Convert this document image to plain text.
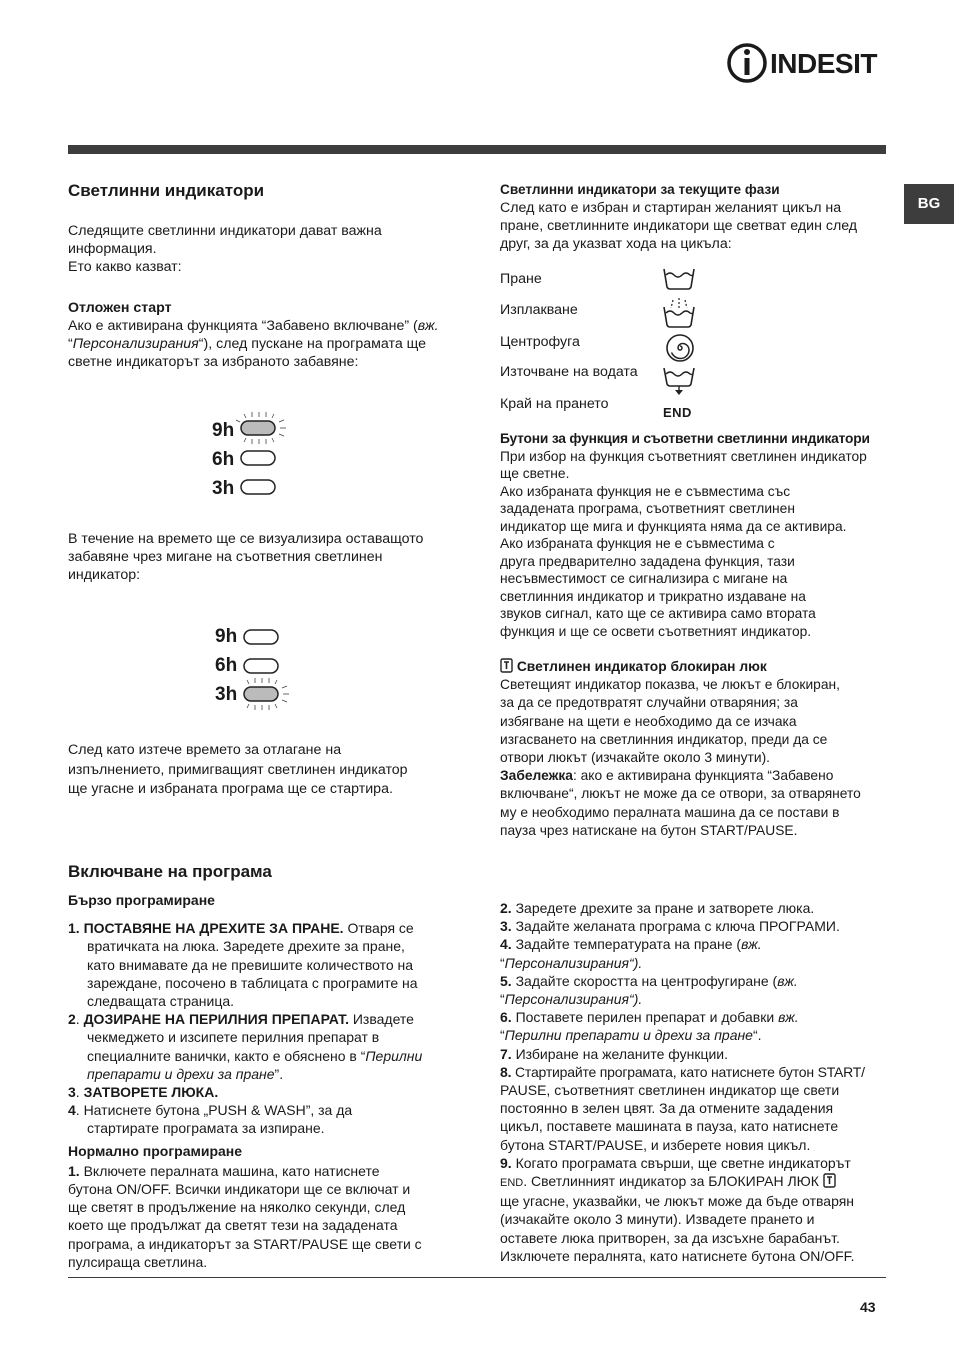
INDESIT
BG
Светлинни индикатори

Следящите светлинни индикатори дават важна

информация.

Ето какво казват:

Отложен старт

Ако е активирана функцията “Забавено включване” (вж.

“Персонализирания“), след пускане на програмата ще

светне индикаторът за избраното забавяне:

9h
6h
3h

В течение на времето ще се визуализира оставащото

забавяне чрез мигане на съответния светлинен

индикатор:

9h
6h
3h

След като изтече времето за отлагане на

изпълнението, примигващият светлинен индикатор

ще угасне и избраната програма ще се стартира.

Светлинни индикатори за текущите фази

След като е избран и стартиран желаният цикъл на

пране, светлинните индикатори ще светват един след

друг, за да указват хода на цикъла:

Пране
Изплакване
Центрофуга
Източване на водата
Край на прането
END

Бутони за функция и съответни светлинни индикатори

При избор на функция съответният светлинен индикатор

ще светне.

Ако избраната функция не е съвместима със

зададената програма, съответният светлинен

индикатор ще мига и функцията няма да се активира.

Ако избраната функция не е съвместима с

друга предварително зададена функция, тази

несъвместимост се сигнализира с мигане на

светлинния индикатор и трикратно издаване на

звуков сигнал, като ще се активира само втората

функция и ще се освети съответният индикатор.

Светлинен индикатор блокиран люк

Светещият индикатор показва, че люкът е блокиран,

за да се предотвратят случайни отваряния; за

избягване на щети е необходимо да се изчака

изгасването на светлинния индикатор, преди да се

отвори люкът (изчакайте около 3 минути).

Забележка: ако е активирана функцията “Забавено

включване“, люкът не може да се отвори, за отварянето

му е необходимо пералната машина да се постави в

пауза чрез натискане на бутон START/PAUSE.

Включване на програма

Бързо програмиране

1. ПОСТАВЯНЕ НА ДРЕХИТЕ ЗА ПРАНЕ. Отваря се

вратичката на люка. Заредете дрехите за пране,

като внимавате да не превишите количеството на

зареждане, посочено в таблицата с програмите на

следващата страница.

2. ДОЗИРАНЕ НА ПЕРИЛНИЯ ПРЕПАРАТ. Извадете

чекмеджето и изсипете перилния препарат в

специалните ванички, както е обяснено в “Перилни

препарати и дрехи за пране”.

3. ЗАТВОРЕТЕ ЛЮКА.

4. Натиснете бутона „PUSH & WASH”, за да

стартирате програмата за изпиране.

Нормално програмиране

1. Включете пералната машина, като натиснете

бутона ON/OFF. Всички индикатори ще се включат и

ще светят в продължение на няколко секунди, след

което ще продължат да светят тези на зададената

програма, а индикаторът за START/PAUSE ще свети с

пулсираща светлина.

2. Заредете дрехите за пране и затворете люка.

3. Задайте желаната програма с ключа ПРОГРАМИ.

4. Задайте температурата на пране (вж.

“Персонализирания“).

5. Задайте скоростта на центрофугиране (вж.

“Персонализирания“).

6. Поставете перилен препарат и добавки вж.

“Перилни препарати и дрехи за пране“.

7. Избиране на желаните функции.

8. Стартирайте програмата, като натиснете бутон START/

PAUSE, съответният светлинен индикатор ще свети

постоянно в зелен цвят. За да отмените зададения

цикъл, поставете машината в пауза, като натиснете

бутона START/PAUSE, и изберете новия цикъл.

9. Когато програмата свърши, ще светне индикаторът

END. Светлинният индикатор за БЛОКИРАН ЛЮК

ще угасне, указвайки, че люкът може да бъде отварян

(изчакайте около 3 минути). Извадете прането и

оставете люка притворен, за да изсъхне барабанът.

Изключете пералнята, като натиснете бутона ON/OFF.

43
